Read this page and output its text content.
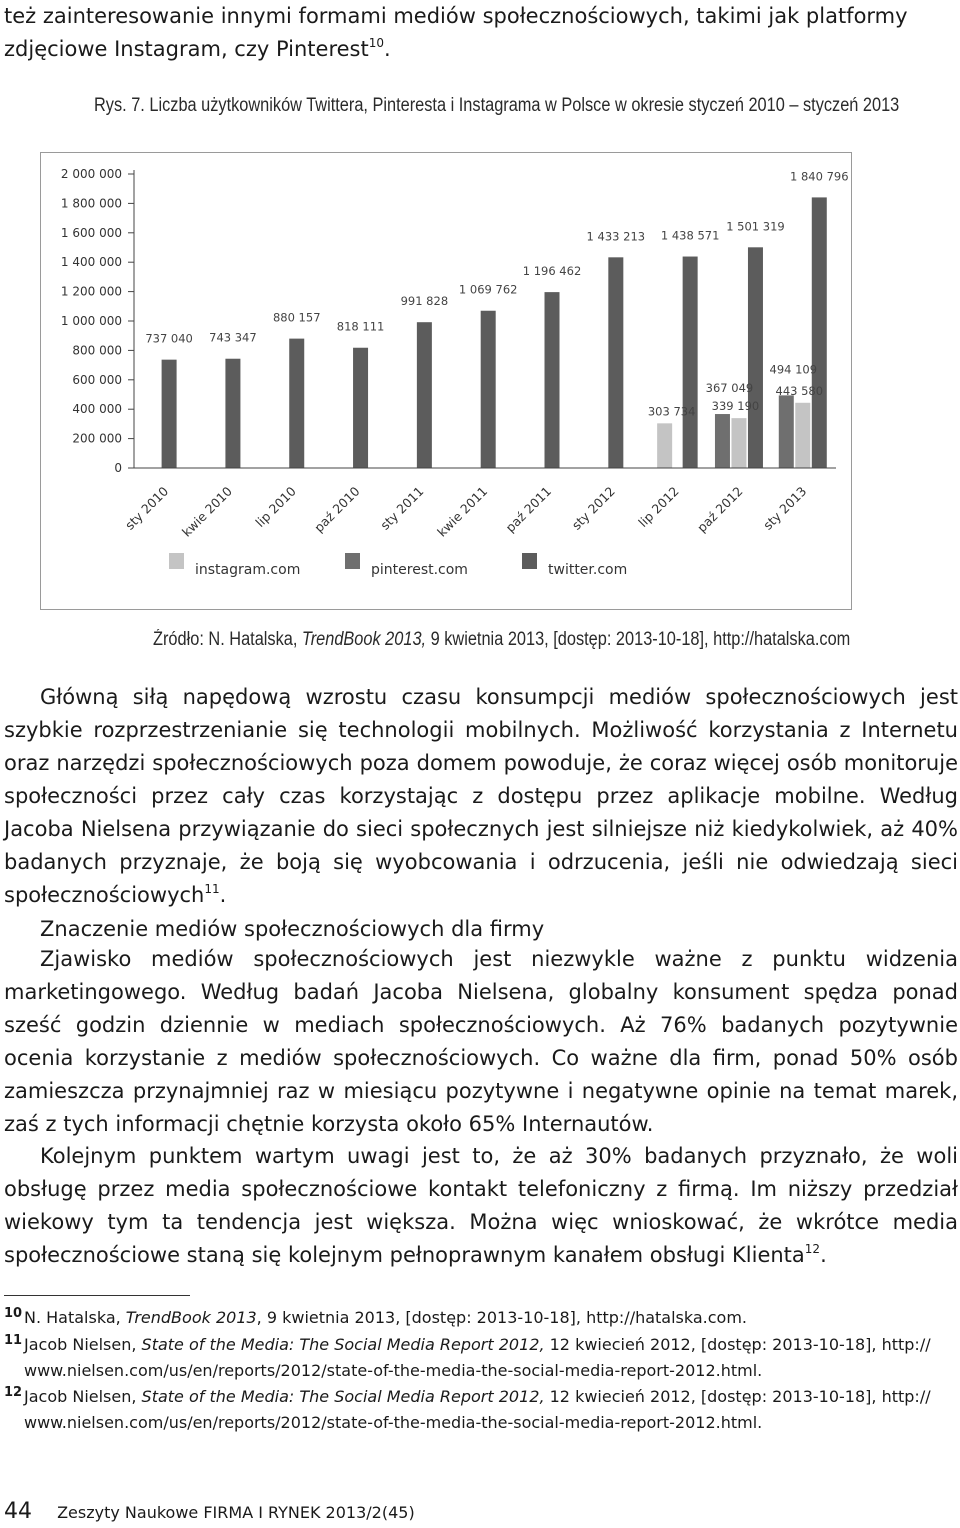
też zainteresowanie innymi formami mediów społecznościowych, takimi jak platformy

zdjęciowe Instagram, czy Pinterest$^{10}$.

Rys. 7. Liczba użytkowników Twittera, Pinteresta i Instagrama w Polsce w okresie styczeń 2010 – styczeń 2013
2 000 000
1 800 000
1 600 000
1 400 000
1 200 000
1 000 000
800 000
600 000
400 000
200 000
0
737 040
sty 2010
743 347
kwie 2010
880 157
lip 2010
818 111
paź 2010
991 828
sty 2011
1 069 762
kwie 2011
1 196 462
paź 2011
1 433 213
sty 2012
1 438 571
lip 2012
1 501 319
paź 2012
1 840 796
sty 2013
303 734 339 190
443 580
367 049
494 109
instagram.com	pinterest.com	twitter.com
Źródło: N. Hatalska, TrendBook 2013, 9 kwietnia 2013, [dostęp: 2013-10-18], http://hatalska.com

Główną siłą napędową wzrostu czasu konsumpcji mediów społecznościowych jest szybkie rozprzestrzenianie się technologii mobilnych. Możliwość korzystania z Internetu oraz narzędzi społecznościowych poza domem powoduje, że coraz więcej osób monitoruje społeczności przez cały czas korzystając z dostępu przez aplikacje mobilne. Według Jacoba Nielsena przywiązanie do sieci społecznych jest silniejsze niż kiedykolwiek, aż 40% badanych przyznaje, że boją się wyobcowania i odrzucenia, jeśli nie odwiedzają sieci społecznościowych$^{11}$.

Znaczenie mediów społecznościowych dla firmy

Zjawisko mediów społecznościowych jest niezwykle ważne z punktu widzenia marketingowego. Według badań Jacoba Nielsena, globalny konsument spędza ponad sześć godzin dziennie w mediach społecznościowych. Aż 76% badanych pozytywnie ocenia korzystanie z mediów społecznościowych. Co ważne dla firm, ponad 50% osób zamieszcza przynajmniej raz w miesiącu pozytywne i negatywne opinie na temat marek, zaś z tych informacji chętnie korzysta około 65% Internautów.

Kolejnym punktem wartym uwagi jest to, że aż 30% badanych przyznało, że woli obsługę przez media społecznościowe kontakt telefoniczny z firmą. Im niższy przedział wiekowy tym ta tendencja jest większa. Można więc wnioskować, że wkrótce media społecznościowe staną się kolejnym pełnoprawnym kanałem obsługi Klienta$^{12}$.

10 N. Hatalska, TrendBook 2013, 9 kwietnia 2013, [dostęp: 2013-10-18], http://hatalska.com.
11 Jacob Nielsen, State of the Media: The Social Media Report 2012, 12 kwiecień 2012, [dostęp: 2013-10-18], http://
www.nielsen.com/us/en/reports/2012/state-of-the-media-the-social-media-report-2012.html.
12 Jacob Nielsen, State of the Media: The Social Media Report 2012, 12 kwiecień 2012, [dostęp: 2013-10-18], http://
www.nielsen.com/us/en/reports/2012/state-of-the-media-the-social-media-report-2012.html.
44 Zeszyty Naukowe FIRMA I RYNEK 2013/2(45)
